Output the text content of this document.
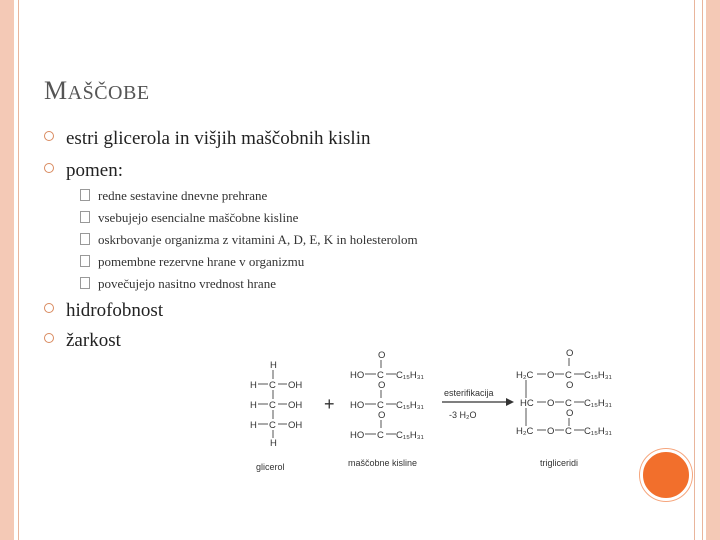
MAŠČOBE
estri glicerola in višjih maščobnih kislin
pomen:
redne sestavine dnevne prehrane
vsebujejo esencialne maščobne kisline
oskrbovanje organizma z vitamini A, D, E, K in holesterolom
pomembne rezervne hrane v organizmu
povečujejo nasitno vrednost hrane
hidrofobnost
žarkost
H
H C OH
H C OH
H C OH
H
glicerol
+
O
HO C C₁₅H₃₁
O
HO C C₁₅H₃₁
O
HO C C₁₅H₃₁
maščobne kisline
esterifikacija
-3 H₂O
O
H₂C O C C₁₅H₃₁
O
HC O C C₁₅H₃₁
O
H₂C O C C₁₅H₃₁
trigliceridi
